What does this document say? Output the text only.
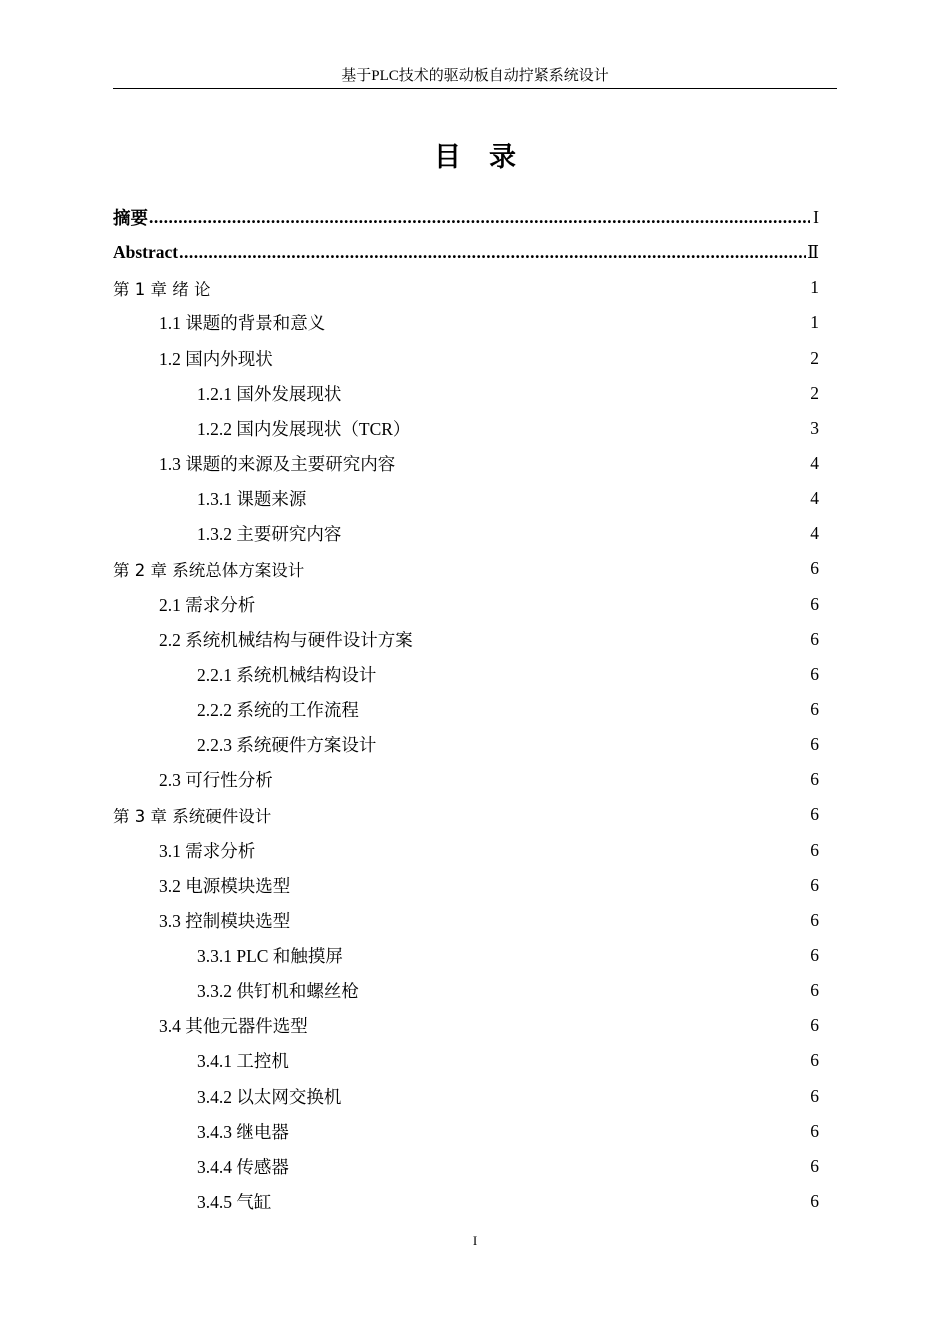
基于PLC技术的驱动板自动拧紧系统设计
目录
摘要 .....	I
Abstract .....	Ⅱ
第 1 章 绪 论	1
1.1 课题的背景和意义	1
1.2 国内外现状	2
1.2.1 国外发展现状	2
1.2.2 国内发展现状（TCR）	3
1.3 课题的来源及主要研究内容	4
1.3.1 课题来源	4
1.3.2 主要研究内容	4
第 2 章 系统总体方案设计	6
2.1 需求分析	6
2.2 系统机械结构与硬件设计方案	6
2.2.1 系统机械结构设计	6
2.2.2 系统的工作流程	6
2.2.3 系统硬件方案设计	6
2.3 可行性分析	6
第 3 章 系统硬件设计	6
3.1 需求分析	6
3.2 电源模块选型	6
3.3 控制模块选型	6
3.3.1 PLC 和触摸屏	6
3.3.2 供钉机和螺丝枪	6
3.4 其他元器件选型	6
3.4.1 工控机	6
3.4.2 以太网交换机	6
3.4.3 继电器	6
3.4.4 传感器	6
3.4.5 气缸	6
I
